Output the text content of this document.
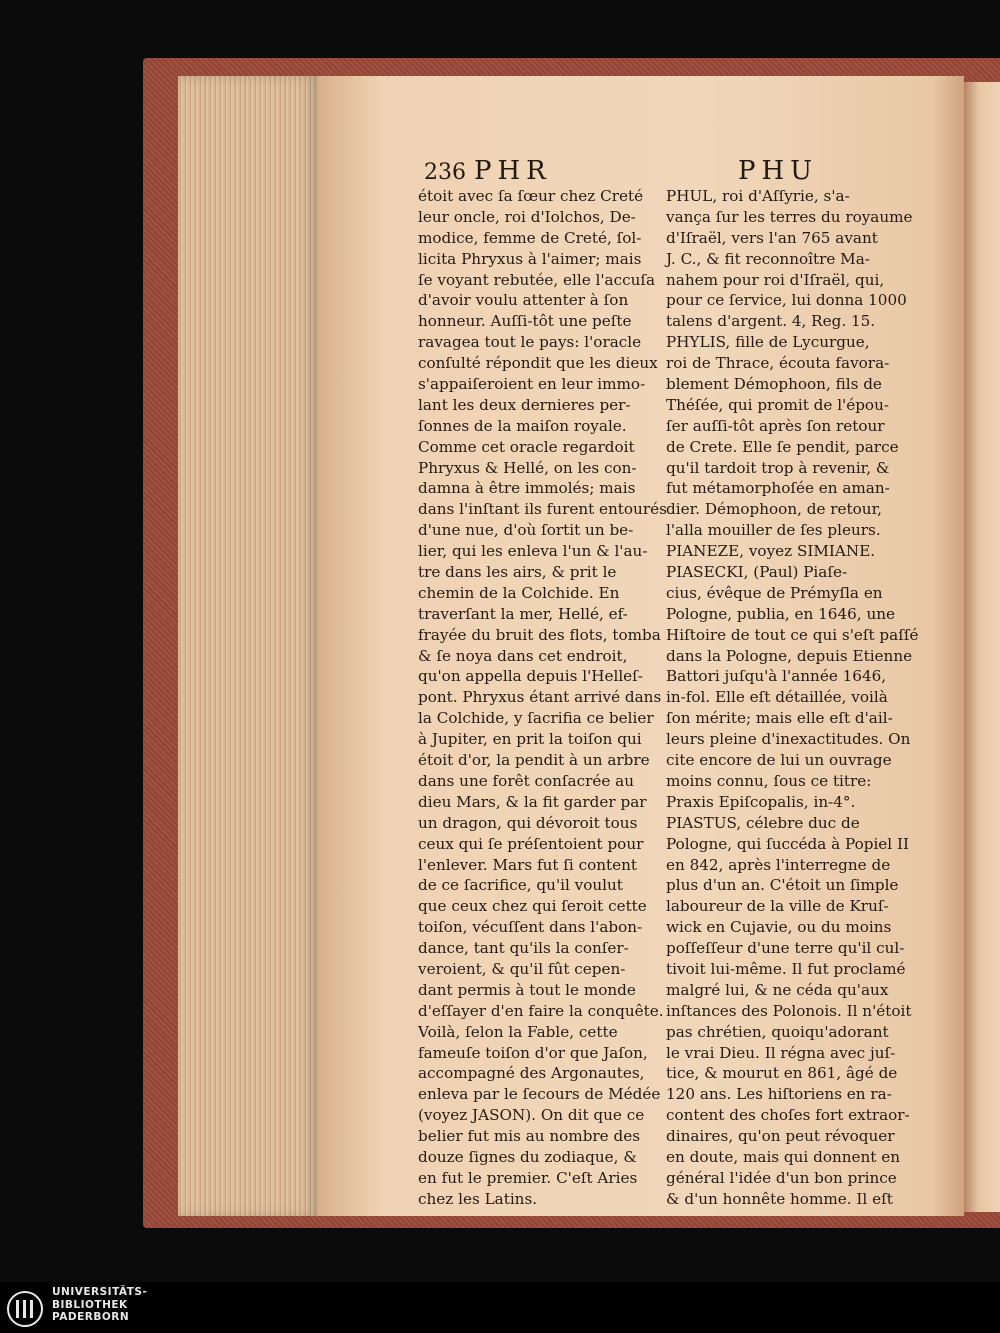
236 PHR	PHU
étoit avec ſa ſœur chez Creté
leur oncle, roi d'Iolchos, De-
modice, femme de Creté, ſol-
licita Phryxus à l'aimer; mais
ſe voyant rebutée, elle l'accuſa
d'avoir voulu attenter à ſon
honneur. Auſſi-tôt une peſte
ravagea tout le pays: l'oracle
conſulté répondit que les dieux
s'appaiſeroient en leur immo-
lant les deux dernieres per-
ſonnes de la maiſon royale.
Comme cet oracle regardoit
Phryxus & Hellé, on les con-
damna à être immolés; mais
dans l'inſtant ils furent entourés
d'une nue, d'où ſortit un be-
lier, qui les enleva l'un & l'au-
tre dans les airs, & prit le
chemin de la Colchide. En
traverſant la mer, Hellé, ef-
frayée du bruit des flots, tomba
& ſe noya dans cet endroit,
qu'on appella depuis l'Helleſ-
pont. Phryxus étant arrivé dans
la Colchide, y ſacrifia ce belier
à Jupiter, en prit la toiſon qui
étoit d'or, la pendit à un arbre
dans une forêt conſacrée au
dieu Mars, & la fit garder par
un dragon, qui dévoroit tous
ceux qui ſe préſentoient pour
l'enlever. Mars fut ſi content
de ce ſacrifice, qu'il voulut
que ceux chez qui ſeroit cette
toiſon, vécuſſent dans l'abon-
dance, tant qu'ils la conſer-
veroient, & qu'il fût cepen-
dant permis à tout le monde
d'eſſayer d'en faire la conquête.
Voilà, ſelon la Fable, cette
fameuſe toiſon d'or que Jaſon,
accompagné des Argonautes,
enleva par le ſecours de Médée
(voyez JASON). On dit que ce
belier fut mis au nombre des
douze ſignes du zodiaque, &
en fut le premier. C'eſt Aries
chez les Latins.
PHUL, roi d'Aſſyrie, s'a-
vança ſur les terres du royaume
d'Iſraël, vers l'an 765 avant
J. C., & fit reconnoître Ma-
nahem pour roi d'Iſraël, qui,
pour ce ſervice, lui donna 1000
talens d'argent. 4, Reg. 15.
PHYLIS, fille de Lycurgue,
roi de Thrace, écouta favora-
blement Démophoon, fils de
Théſée, qui promit de l'épou-
ſer auſſi-tôt après ſon retour
de Crete. Elle ſe pendit, parce
qu'il tardoit trop à revenir, &
fut métamorphoſée en aman-
dier. Démophoon, de retour,
l'alla mouiller de ſes pleurs.
PIANEZE, voyez SIMIANE.
PIASECKI, (Paul) Piaſe-
cius, évêque de Prémyſla en
Pologne, publia, en 1646, une
Hiſtoire de tout ce qui s'eſt paſſé
dans la Pologne, depuis Etienne
Battori juſqu'à l'année 1646,
in-fol. Elle eſt détaillée, voilà
ſon mérite; mais elle eſt d'ail-
leurs pleine d'inexactitudes. On
cite encore de lui un ouvrage
moins connu, ſous ce titre:
Praxis Epiſcopalis, in-4°.
PIASTUS, célebre duc de
Pologne, qui ſuccéda à Popiel II
en 842, après l'interregne de
plus d'un an. C'étoit un ſimple
laboureur de la ville de Kruſ-
wick en Cujavie, ou du moins
poſſeſſeur d'une terre qu'il cul-
tivoit lui-même. Il fut proclamé
malgré lui, & ne céda qu'aux
inſtances des Polonois. Il n'étoit
pas chrétien, quoiqu'adorant
le vrai Dieu. Il régna avec juſ-
tice, & mourut en 861, âgé de
120 ans. Les hiſtoriens en ra-
content des choſes fort extraor-
dinaires, qu'on peut révoquer
en doute, mais qui donnent en
général l'idée d'un bon prince
& d'un honnête homme. Il eſt
UNIVERSITÄTS-
BIBLIOTHEK
PADERBORN
